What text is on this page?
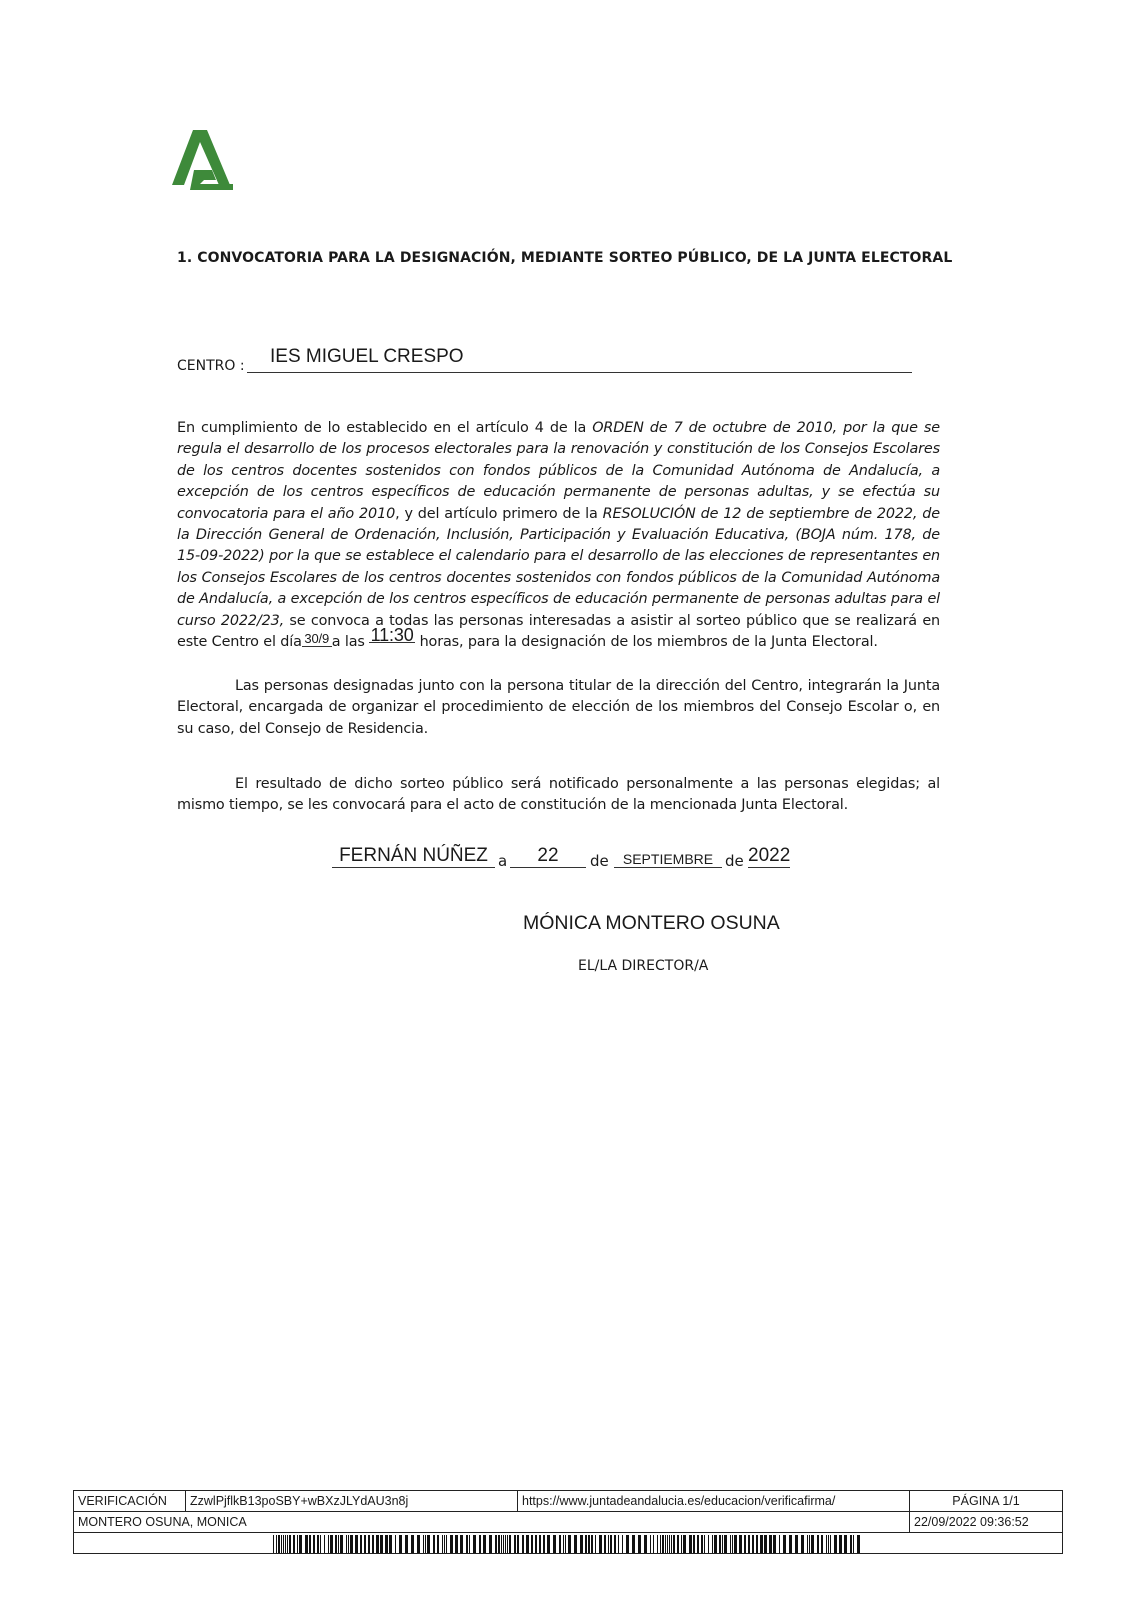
1. CONVOCATORIA PARA LA DESIGNACIÓN, MEDIANTE SORTEO PÚBLICO, DE LA JUNTA ELECTORAL
CENTRO : IES MIGUEL CRESPO
En cumplimiento de lo establecido en el artículo 4 de la ORDEN de 7 de octubre de 2010, por la que se regula el desarrollo de los procesos electorales para la renovación y constitución de los Consejos Escolares de los centros docentes sostenidos con fondos públicos de la Comunidad Autónoma de Andalucía, a excepción de los centros específicos de educación permanente de personas adultas, y se efectúa su convocatoria para el año 2010, y del artículo primero de la RESOLUCIÓN de 12 de septiembre de 2022, de la Dirección General de Ordenación, Inclusión, Participación y Evaluación Educativa, (BOJA núm. 178, de 15-09-2022) por la que se establece el calendario para el desarrollo de las elecciones de representantes en los Consejos Escolares de los centros docentes sostenidos con fondos públicos de la Comunidad Autónoma de Andalucía, a excepción de los centros específicos de educación permanente de personas adultas para el curso 2022/23, se convoca a todas las personas interesadas a asistir al sorteo público que se realizará en este Centro el día 30/9 a las 11:30 horas, para la designación de los miembros de la Junta Electoral.
Las personas designadas junto con la persona titular de la dirección del Centro, integrarán la Junta Electoral, encargada de organizar el procedimiento de elección de los miembros del Consejo Escolar o, en su caso, del Consejo de Residencia.
El resultado de dicho sorteo público será notificado personalmente a las personas elegidas; al mismo tiempo, se les convocará para el acto de constitución de la mencionada Junta Electoral.
FERNÁN NÚÑEZ a	22	de	SEPTIEMBRE de 2022
MÓNICA MONTERO OSUNA
EL/LA DIRECTOR/A
VERIFICACIÓN	ZzwlPjflkB13poSBY+wBXzJLYdAU3n8j	https://www.juntadeandalucia.es/educacion/verificafirma/	PÁGINA 1/1
MONTERO OSUNA, MONICA			22/09/2022 09:36:52
